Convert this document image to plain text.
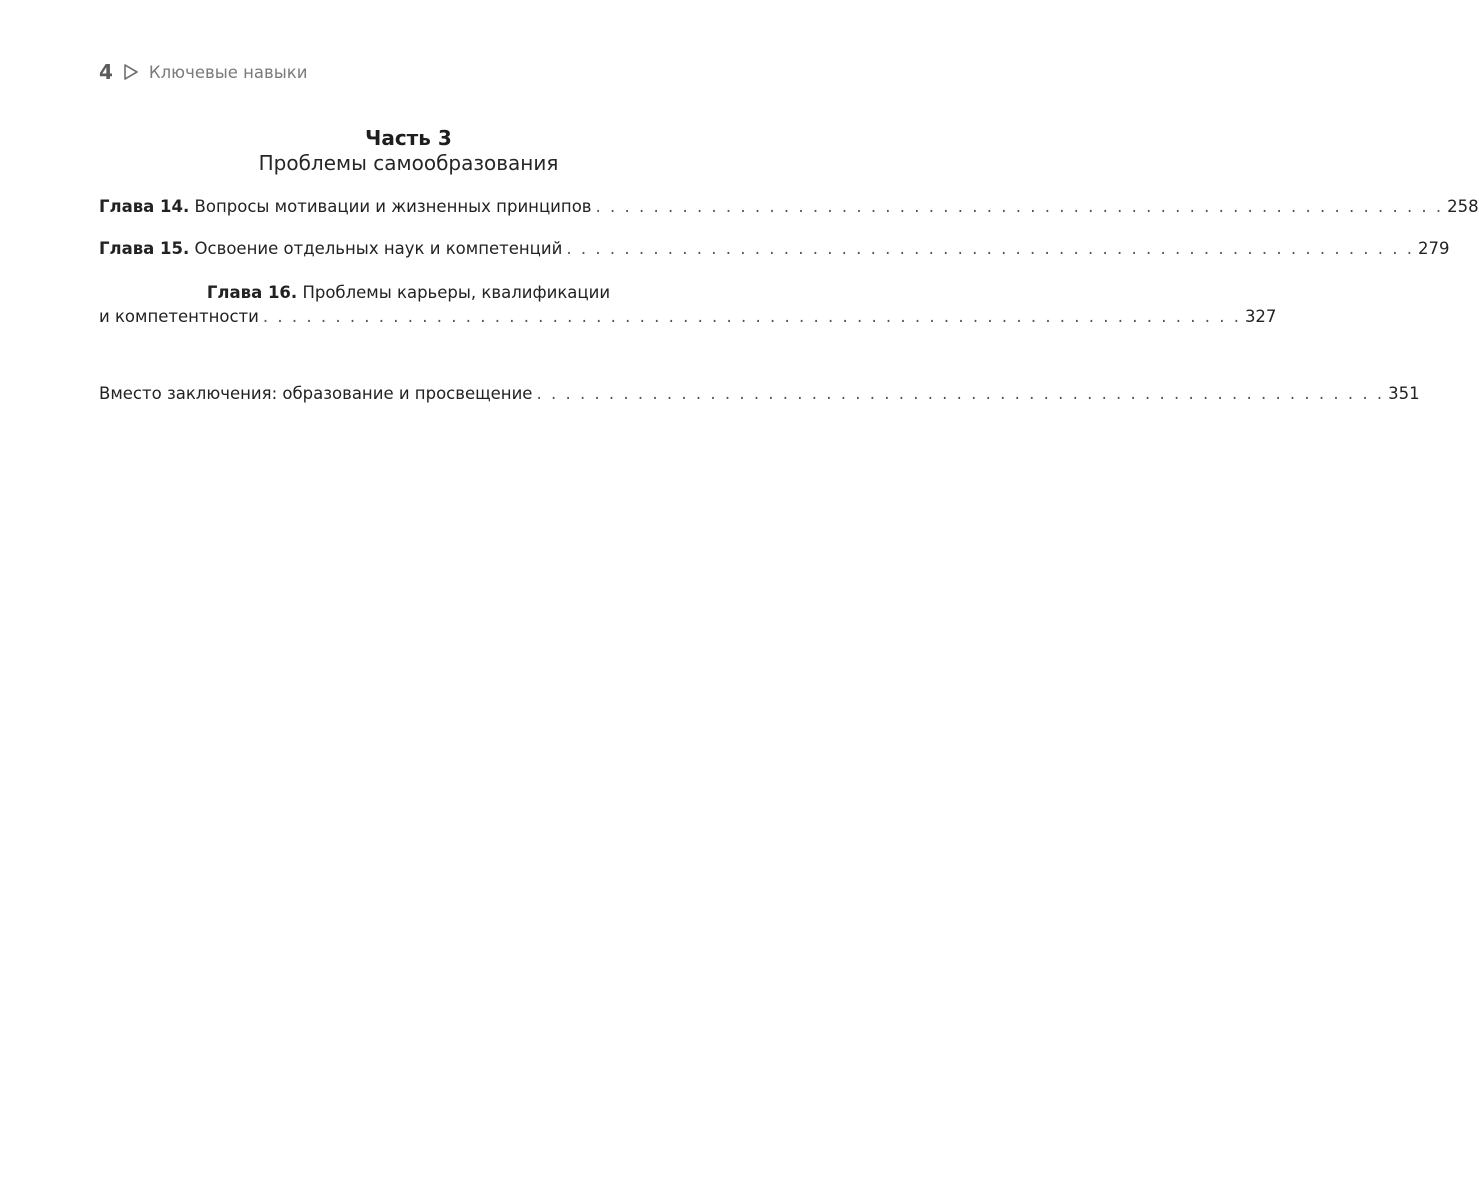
4 Ключевые навыки
Часть 3
Проблемы самообразования
Глава 14. Вопросы мотивации и жизненных принципов . . . . . . . . . . . . . . . . . . . . . . . . . . . . . . . . . . . . . . . . . . . . . . . . . . . . . . . . . . . 258
Глава 15. Освоение отдельных наук и компетенций . . . . . . . . . . . . . . . . . . . . . . . . . . . . . . . . . . . . . . . . . . . . . . . . . . . . . . . . . . . 279
Глава 16. Проблемы карьеры, квалификации
и компетентности . . . . . . . . . . . . . . . . . . . . . . . . . . . . . . . . . . . . . . . . . . . . . . . . . . . . . . . . . . . . . . . . . . . . 327
Вместо заключения: образование и просвещение . . . . . . . . . . . . . . . . . . . . . . . . . . . . . . . . . . . . . . . . . . . . . . . . . . . . . . . . . . . 351
